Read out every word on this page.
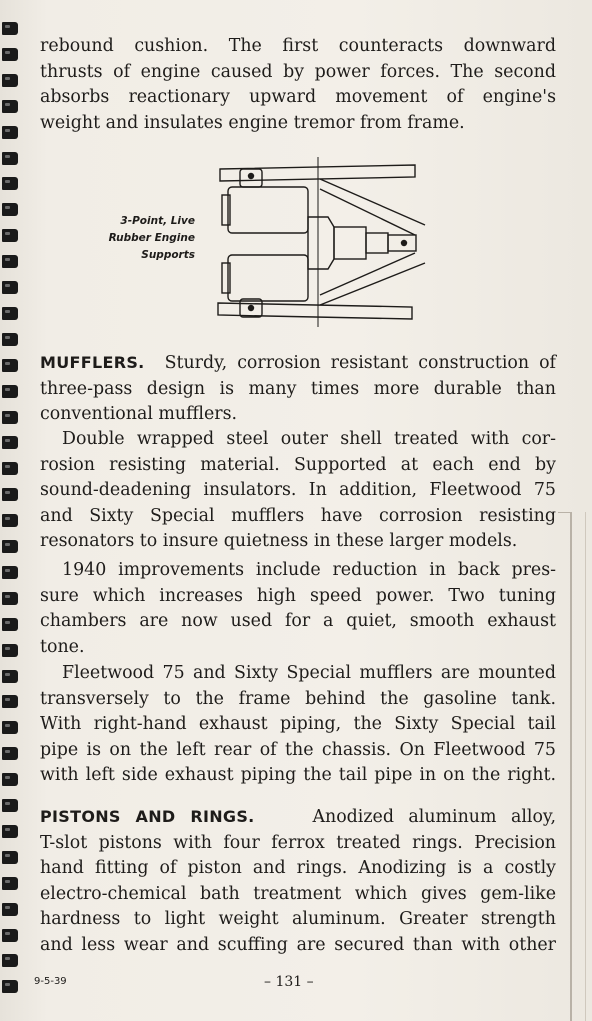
rebound cushion. The first counteracts downward
thrusts of engine caused by power forces. The second
absorbs reactionary upward movement of engine's
weight and insulates engine tremor from frame.

3-Point, Live
Rubber Engine
Supports

MUFFLERS. Sturdy, corrosion resistant construction of
three-pass design is many times more durable than
conventional mufflers.

Double wrapped steel outer shell treated with cor-
rosion resisting material. Supported at each end by
sound-deadening insulators. In addition, Fleetwood 75
and Sixty Special mufflers have corrosion resisting
resonators to insure quietness in these larger models.

1940 improvements include reduction in back pres-
sure which increases high speed power. Two tuning
chambers are now used for a quiet, smooth exhaust
tone.

Fleetwood 75 and Sixty Special mufflers are mounted
transversely to the frame behind the gasoline tank.
With right-hand exhaust piping, the Sixty Special tail
pipe is on the left rear of the chassis. On Fleetwood 75
with left side exhaust piping the tail pipe in on the right.

PISTONS AND RINGS.	Anodized aluminum alloy,
T-slot pistons with four ferrox treated rings. Precision
hand fitting of piston and rings. Anodizing is a costly
electro-chemical bath treatment which gives gem-like
hardness to light weight aluminum. Greater strength
and less wear and scuffing are secured than with other

9-5-39	– 131 –
